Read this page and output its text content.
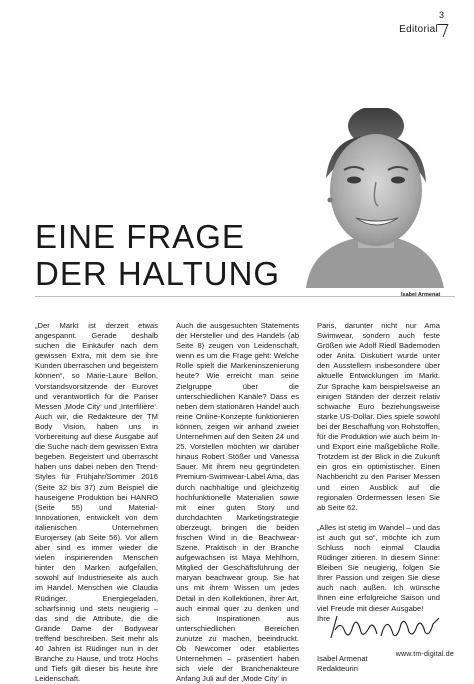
3
Editorial
Isabel Armenat
EINE FRAGE
DER HALTUNG

„Der Markt ist derzeit etwas angespannt. Gerade deshalb suchen die Einkäufer nach dem gewissen Extra, mit dem sie ihre Kunden überraschen und begeistern können“, so Marie-Laure Bellon, Vorstandsvorsitzende der Eurovet und verantwortlich für die Pariser Messen ‚Mode City‘ und ‚Interfilière‘. Auch wir, die Redakteure der TM Body Vision, haben uns in Vorbereitung auf diese Ausgabe auf die Suche nach dem gewissen Extra begeben. Begeistert und überrascht haben uns dabei neben den Trend-Styles für Frühjahr/Sommer 2016 (Seite 32 bis 37) zum Beispiel die hauseigene Produktion bei HANRO (Seite 55) und Material-Innovationen, entwickelt von dem italienischen Unternehmen Eurojersey (ab Seite 56). Vor allem aber sind es immer wieder die vielen inspirierenden Menschen hinter den Marken aufgefallen, sowohl auf Industrieseite als auch im Handel. Menschen wie Claudia Rüdinger. Energiegeladen, scharfsinnig und stets neugierig – das sind die Attribute, die die Grande Dame der Bodywear treffend beschreiben. Seit mehr als 40 Jahren ist Rüdinger nun in der Branche zu Hause, und trotz Hochs und Tiefs gilt dieser bis heute ihre Leidenschaft.

Auch die ausgesuchten Statements der Hersteller und des Handels (ab Seite 8) zeugen von Leidenschaft, wenn es um die Frage geht: Welche Rolle spielt die Markeninszenierung heute? Wie erreicht man seine Zielgruppe über die unterschiedlichen Kanäle? Dass es neben dem stationären Handel auch reine Online-Konzepte funktionieren können, zeigen wir anhand zweier Unternehmen auf den Seiten 24 und 25. Vorstellen möchten wir darüber hinaus Robert Stößer und Vanessa Sauer. Mit ihrem neu gegründeten Premium-Swimwear-Label Ama, das durch nachhaltige und gleichzeitig hochfunktionelle Materialien sowie mit einer guten Story und durchdachten Marketingstrategie überzeugt, bringen die beiden frischen Wind in die Beachwear-Szene. Praktisch in der Branche aufgewachsen ist Maya Mehlhorn, Mitglied der Geschäftsführung der maryan beachwear group. Sie hat uns mit ihrem Wissen um jedes Detail in den Kollektionen, ihrer Art, auch einmal quer zu denken und sich Inspirationen aus unterschiedlichen Bereichen zunutze zu machen, beeindruckt. Ob Newcomer oder etabliertes Unternehmen – präsentiert haben sich viele der Branchenakteure Anfang Juli auf der ‚Mode City‘ in

Paris, darunter nicht nur Ama Swimwear, sondern auch feste Größen wie Adolf Riedl Bademoden oder Anita. Diskutiert wurde unter den Ausstellern insbesondere über aktuelle Entwicklungen im Markt. Zur Sprache kam beispielsweise an einigen Ständen der derzeit relativ schwache Euro beziehungsweise starke US-Dollar. Dies spiele sowohl bei der Beschaffung von Rohstoffen, für die Produktion wie auch beim In- und Export eine maßgebliche Rolle. Trotzdem ist der Blick in die Zukunft ein gros ein optimistischer. Einen Nachbericht zu den Pariser Messen und einen Ausblick auf die regionalen Ordermessen lesen Sie ab Seite 62.

„Alles ist stetig im Wandel – und das ist auch gut so“, möchte ich zum Schluss noch einmal Claudia Rüdinger zitieren. In diesem Sinne: Bleiben Sie neugierig, folgen Sie Ihrer Passion und zeigen Sie diese auch nach außen. Ich wünsche Ihnen eine erfolgreiche Saison und viel Freude mit dieser Ausgabe!

Ihre

Isabel Armenat

Redakteurin

www.tm-digital.de
